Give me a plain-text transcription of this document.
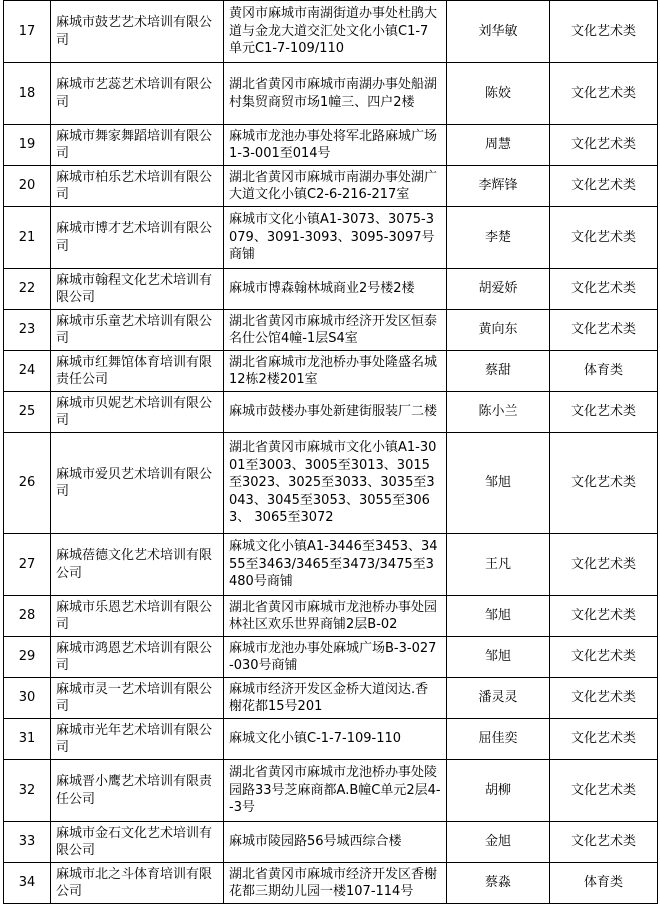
17	麻城市鼓艺艺术培训有限公司	黄冈市麻城市南湖街道办事处杜鹃大道与金龙大道交汇处文化小镇C1-7单元C1-7-109/110	刘华敏	文化艺术类
18	麻城市艺蕊艺术培训有限公司	湖北省黄冈市麻城市南湖办事处船湖村集贸商贸市场1幢三、四户2楼	陈姣	文化艺术类
19	麻城市舞家舞蹈培训有限公司	麻城市龙池办事处将军北路麻城广场1-3-001至014号	周慧	文化艺术类
20	麻城市柏乐艺术培训有限公司	湖北省黄冈市麻城市南湖办事处湖广大道文化小镇C2-6-216-217室	李辉锋	文化艺术类
21	麻城市博才艺术培训有限公司	麻城市文化小镇A1-3073、3075-3079、3091-3093、3095-3097号商铺	李楚	文化艺术类
22	麻城市翰程文化艺术培训有限公司	麻城市博森翰林城商业2号楼2楼	胡爱娇	文化艺术类
23	麻城市乐童艺术培训有限公司	湖北省黄冈市麻城市经济开发区恒泰名仕公馆4幢-1层S4室	黄向东	文化艺术类
24	麻城市红舞馆体育培训有限责任公司	湖北省麻城市龙池桥办事处隆盛名城12栋2楼201室	蔡甜	体育类
25	麻城市贝妮艺术培训有限公司	麻城市鼓楼办事处新建街服装厂二楼	陈小兰	文化艺术类
26	麻城市爱贝艺术培训有限公司	湖北省黄冈市麻城市文化小镇A1-3001至3003、3005至3013、3015至3023、3025至3033、3035至3043、3045至3053、3055至3063、 3065至3072	邹旭	文化艺术类
27	麻城蓓德文化艺术培训有限公司	麻城文化小镇A1-3446至3453、3455至3463/3465至3473/3475至3480号商铺	王凡	文化艺术类
28	麻城市乐恩艺术培训有限公司	湖北省黄冈市麻城市龙池桥办事处园林社区欢乐世界商铺2层B-02	邹旭	文化艺术类
29	麻城市鸿恩艺术培训有限公司	麻城市龙池办事处麻城广场B-3-027-030号商铺	邹旭	文化艺术类
30	麻城市灵一艺术培训有限公司	麻城市经济开发区金桥大道闵达.香榭花都15号201	潘灵灵	文化艺术类
31	麻城市光年艺术培训有限公司	麻城文化小镇C-1-7-109-110	屈佳奕	文化艺术类
32	麻城晋小鹰艺术培训有限责任公司	湖北省黄冈市麻城市龙池桥办事处陵园路33号芝麻商都A.B幢C单元2层4--3号	胡柳	文化艺术类
33	麻城市金石文化艺术培训有限公司	麻城市陵园路56号城西综合楼	金旭	文化艺术类
34	麻城市北之斗体育培训有限公司	湖北省黄冈市麻城市经济开发区香榭花都三期幼儿园一楼107-114号	蔡淼	体育类
